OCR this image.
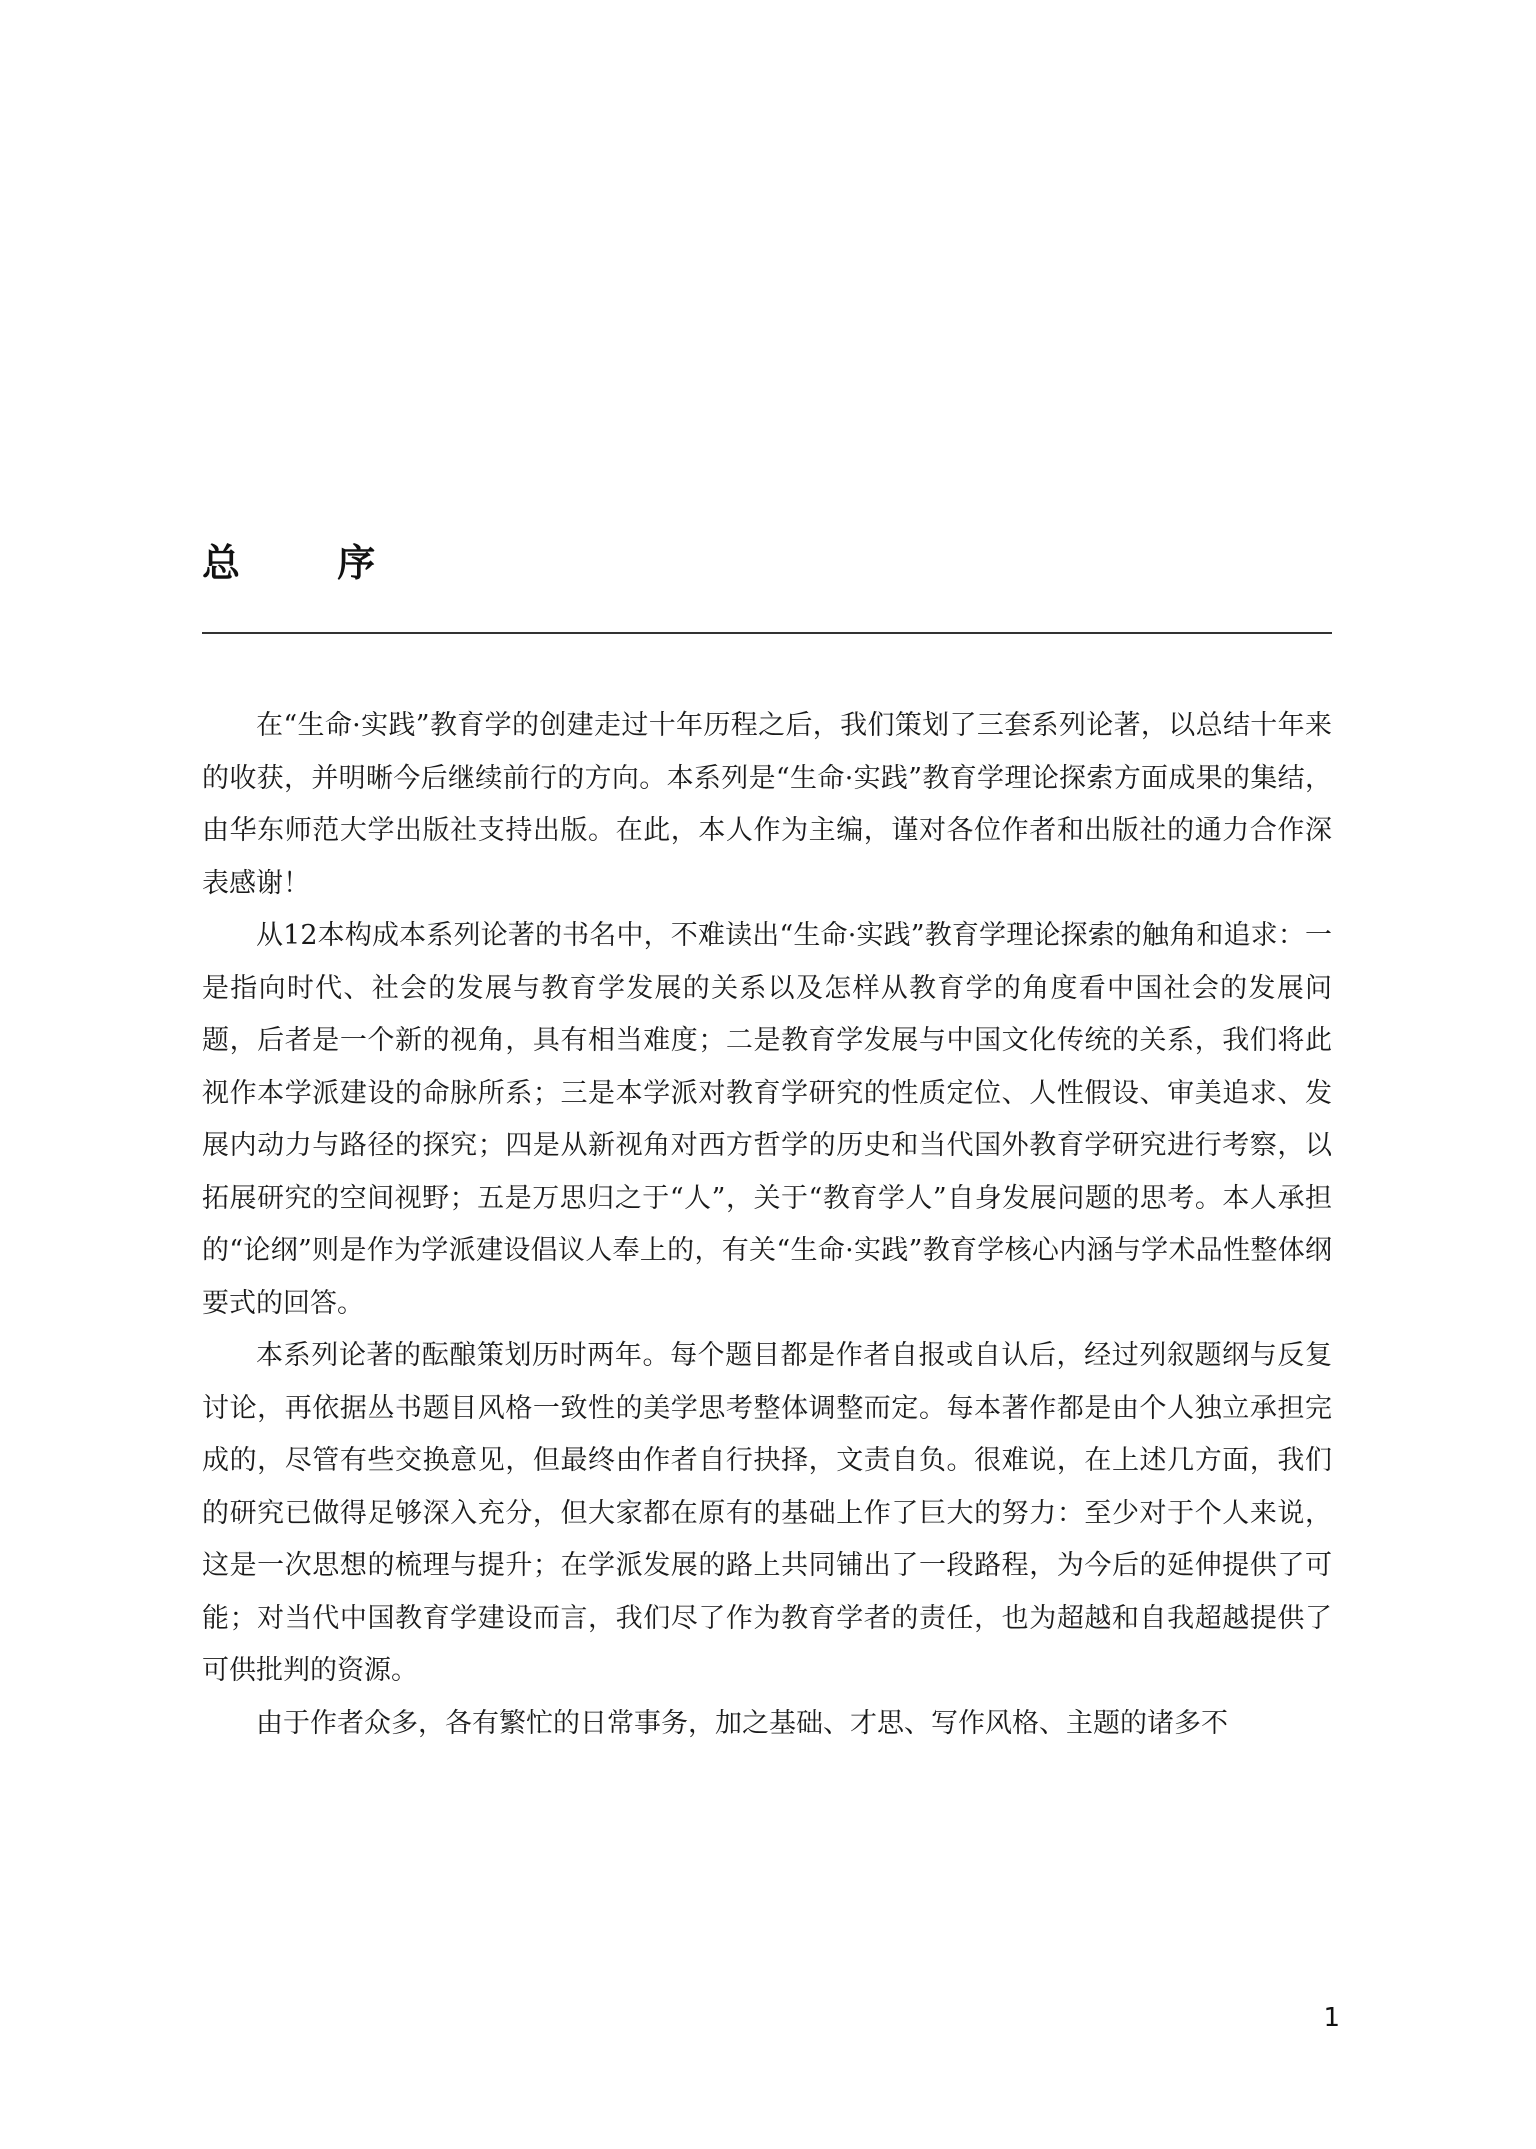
总 序

在“生命·实践”教育学的创建走过十年历程之后，我们策划了三套系列论著，以总结十年来的收获，并明晰今后继续前行的方向。本系列是“生命·实践”教育学理论探索方面成果的集结，由华东师范大学出版社支持出版。在此，本人作为主编，谨对各位作者和出版社的通力合作深表感谢！

从12本构成本系列论著的书名中，不难读出“生命·实践”教育学理论探索的触角和追求：一是指向时代、社会的发展与教育学发展的关系以及怎样从教育学的角度看中国社会的发展问题，后者是一个新的视角，具有相当难度；二是教育学发展与中国文化传统的关系，我们将此视作本学派建设的命脉所系；三是本学派对教育学研究的性质定位、人性假设、审美追求、发展内动力与路径的探究；四是从新视角对西方哲学的历史和当代国外教育学研究进行考察，以拓展研究的空间视野；五是万思归之于“人”，关于“教育学人”自身发展问题的思考。本人承担的“论纲”则是作为学派建设倡议人奉上的，有关“生命·实践”教育学核心内涵与学术品性整体纲要式的回答。

本系列论著的酝酿策划历时两年。每个题目都是作者自报或自认后，经过列叙题纲与反复讨论，再依据丛书题目风格一致性的美学思考整体调整而定。每本著作都是由个人独立承担完成的，尽管有些交换意见，但最终由作者自行抉择，文责自负。很难说，在上述几方面，我们的研究已做得足够深入充分，但大家都在原有的基础上作了巨大的努力：至少对于个人来说，这是一次思想的梳理与提升；在学派发展的路上共同铺出了一段路程，为今后的延伸提供了可能；对当代中国教育学建设而言，我们尽了作为教育学者的责任，也为超越和自我超越提供了可供批判的资源。

由于作者众多，各有繁忙的日常事务，加之基础、才思、写作风格、主题的诸多不

1
